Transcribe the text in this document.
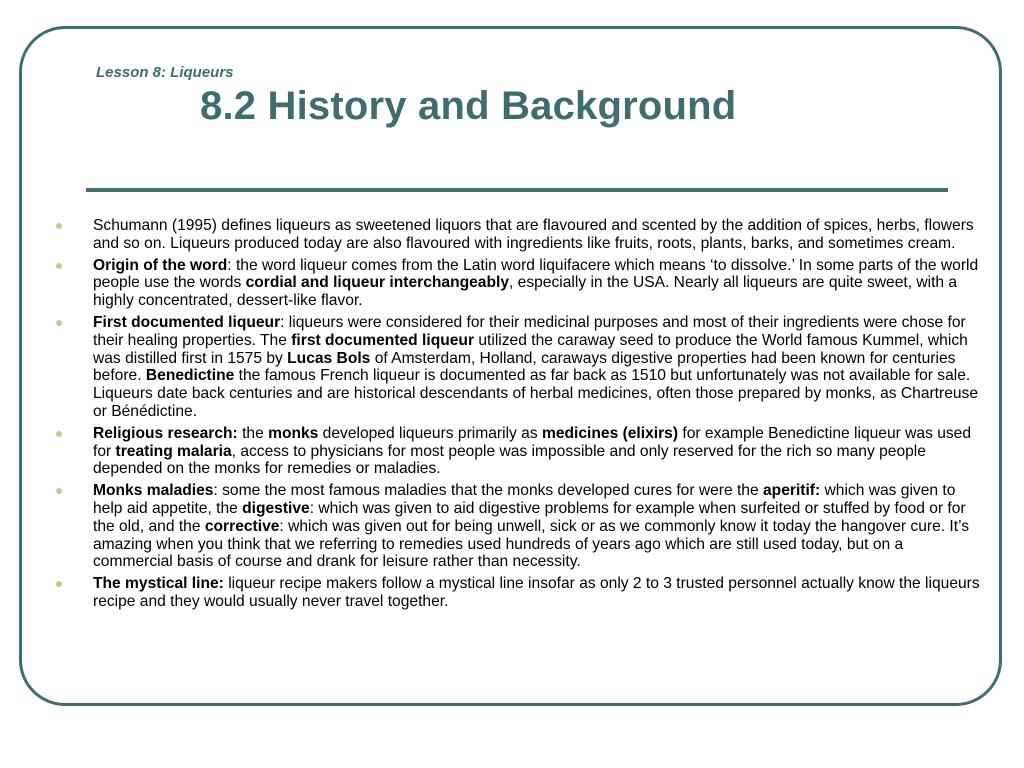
Lesson 8: Liqueurs
8.2 History and Background
Schumann (1995) defines liqueurs as sweetened liquors that are flavoured and scented by the addition of spices, herbs, flowers and so on. Liqueurs produced today are also flavoured with ingredients like fruits, roots, plants, barks, and sometimes cream.
Origin of the word: the word liqueur comes from the Latin word liquifacere which means ‘to dissolve.’ In some parts of the world people use the words cordial and liqueur interchangeably, especially in the USA. Nearly all liqueurs are quite sweet, with a highly concentrated, dessert-like flavor.
First documented liqueur: liqueurs were considered for their medicinal purposes and most of their ingredients were chose for their healing properties. The first documented liqueur utilized the caraway seed to produce the World famous Kummel, which was distilled first in 1575 by Lucas Bols of Amsterdam, Holland, caraways digestive properties had been known for centuries before. Benedictine the famous French liqueur is documented as far back as 1510 but unfortunately was not available for sale. Liqueurs date back centuries and are historical descendants of herbal medicines, often those prepared by monks, as Chartreuse or Bénédictine.
Religious research: the monks developed liqueurs primarily as medicines (elixirs) for example Benedictine liqueur was used for treating malaria, access to physicians for most people was impossible and only reserved for the rich so many people depended on the monks for remedies or maladies.
Monks maladies: some the most famous maladies that the monks developed cures for were the aperitif: which was given to help aid appetite, the digestive: which was given to aid digestive problems for example when surfeited or stuffed by food or for the old, and the corrective: which was given out for being unwell, sick or as we commonly know it today the hangover cure. It’s amazing when you think that we referring to remedies used hundreds of years ago which are still used today, but on a commercial basis of course and drank for leisure rather than necessity.
The mystical line: liqueur recipe makers follow a mystical line insofar as only 2 to 3 trusted personnel actually know the liqueurs recipe and they would usually never travel together.
